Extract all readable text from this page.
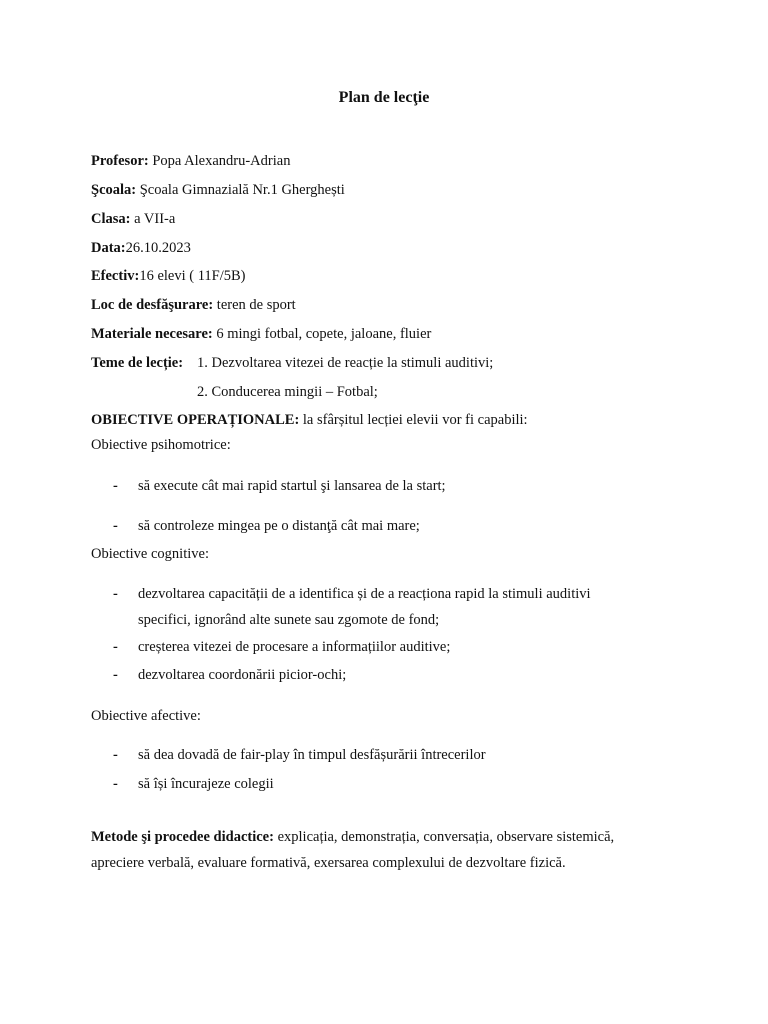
Plan de lecţie
Profesor: Popa Alexandru-Adrian
Şcoala: Şcoala Gimnazială Nr.1 Gherghești
Clasa: a VII-a
Data:26.10.2023
Efectiv:16 elevi ( 11F/5B)
Loc de desfăşurare: teren de sport
Materiale necesare: 6 mingi fotbal, copete, jaloane, fluier
Teme de lecție: 1. Dezvoltarea vitezei de reacție la stimuli auditivi;
2. Conducerea mingii – Fotbal;
OBIECTIVE OPERAȚIONALE: la sfârșitul lecției elevii vor fi capabili:
Obiective psihomotrice:
- să execute cât mai rapid startul şi lansarea de la start;
- să controleze mingea pe o distanţă cât mai mare;
Obiective cognitive:
- dezvoltarea capacității de a identifica și de a reacționa rapid la stimuli auditivi
specifici, ignorând alte sunete sau zgomote de fond;
- creșterea vitezei de procesare a informațiilor auditive;
- dezvoltarea coordonării picior-ochi;
Obiective afective:
- să dea dovadă de fair-play în timpul desfășurării întrecerilor
- să își încurajeze colegii
Metode şi procedee didactice: explicația, demonstrația, conversația, observare sistemică,
apreciere verbală, evaluare formativă, exersarea complexului de dezvoltare fizică.
